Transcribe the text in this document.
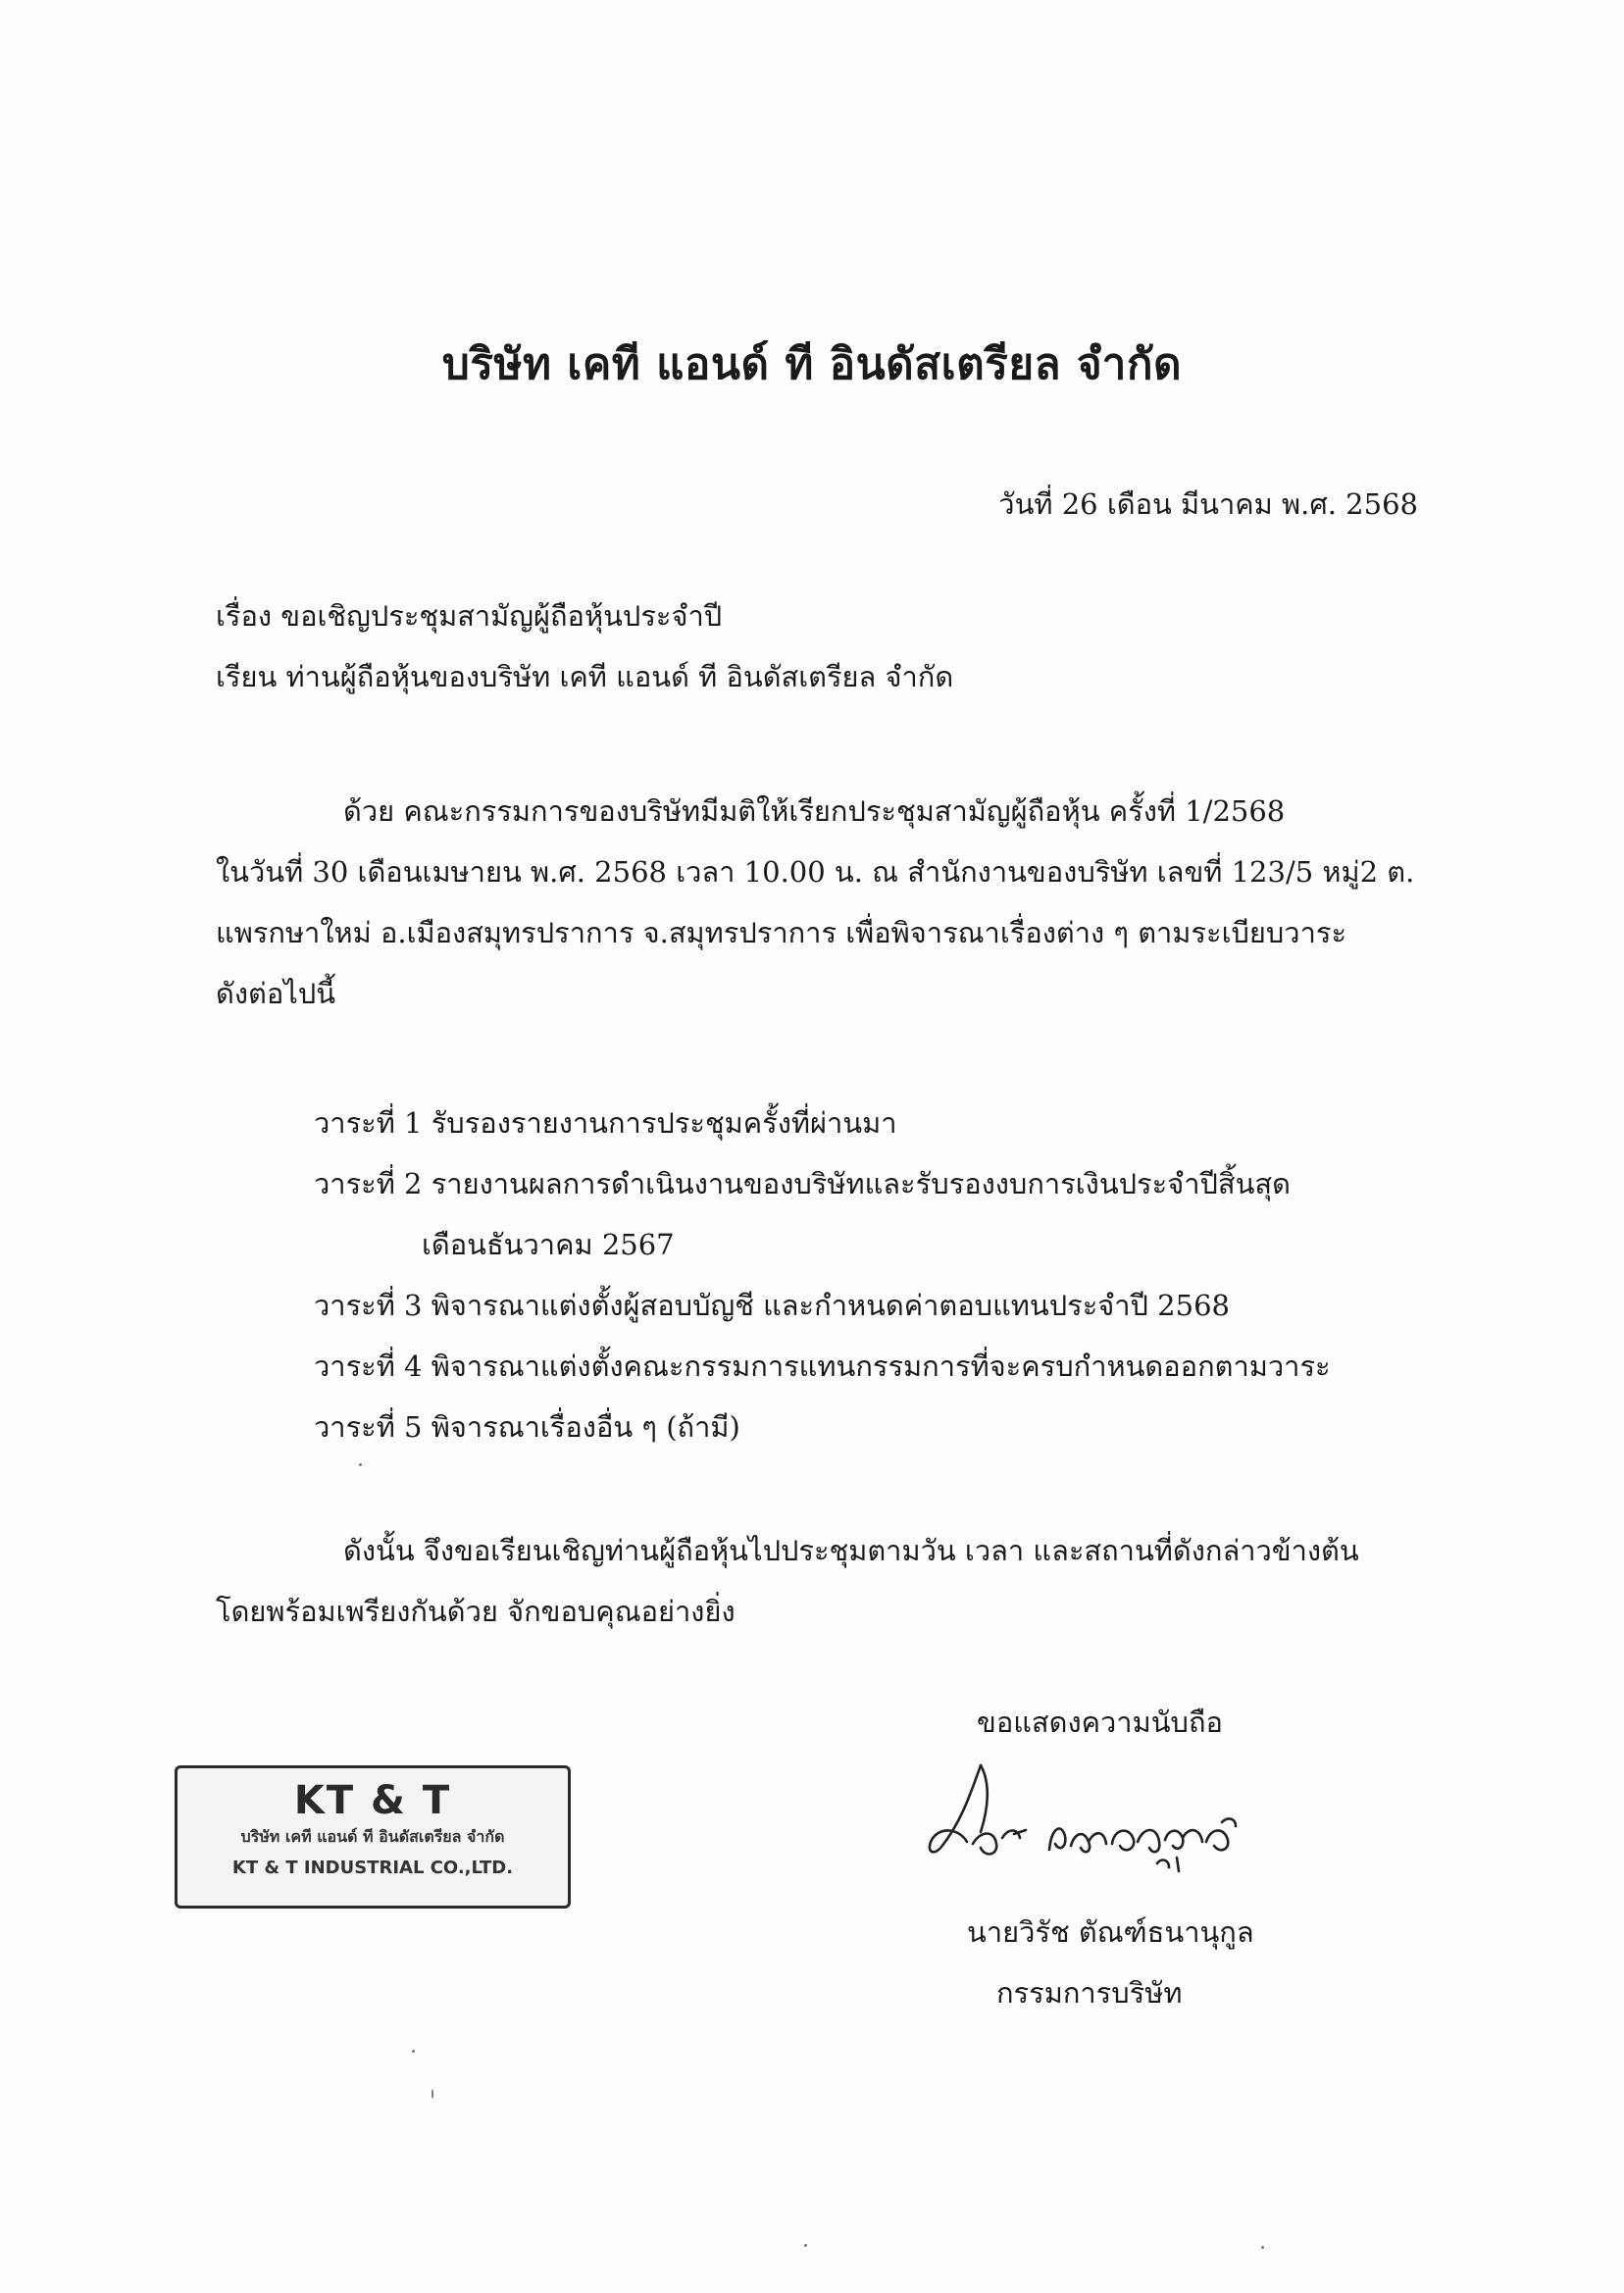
บริษัท เคที แอนด์ ที อินดัสเตรียล จำกัด
วันที่ 26 เดือน มีนาคม พ.ศ. 2568
เรื่อง ขอเชิญประชุมสามัญผู้ถือหุ้นประจำปี
เรียน ท่านผู้ถือหุ้นของบริษัท เคที แอนด์ ที อินดัสเตรียล จำกัด
ด้วย คณะกรรมการของบริษัทมีมติให้เรียกประชุมสามัญผู้ถือหุ้น ครั้งที่ 1/2568
ในวันที่ 30 เดือนเมษายน พ.ศ. 2568 เวลา 10.00 น. ณ สำนักงานของบริษัท เลขที่ 123/5 หมู่2 ต.
แพรกษาใหม่ อ.เมืองสมุทรปราการ จ.สมุทรปราการ เพื่อพิจารณาเรื่องต่าง ๆ ตามระเบียบวาระ
ดังต่อไปนี้
วาระที่ 1 รับรองรายงานการประชุมครั้งที่ผ่านมา
วาระที่ 2 รายงานผลการดำเนินงานของบริษัทและรับรองงบการเงินประจำปีสิ้นสุด
เดือนธันวาคม 2567
วาระที่ 3 พิจารณาแต่งตั้งผู้สอบบัญชี และกำหนดค่าตอบแทนประจำปี 2568
วาระที่ 4 พิจารณาแต่งตั้งคณะกรรมการแทนกรรมการที่จะครบกำหนดออกตามวาระ
วาระที่ 5 พิจารณาเรื่องอื่น ๆ (ถ้ามี)
ดังนั้น จึงขอเรียนเชิญท่านผู้ถือหุ้นไปประชุมตามวัน เวลา และสถานที่ดังกล่าวข้างต้น
โดยพร้อมเพรียงกันด้วย จักขอบคุณอย่างยิ่ง
ขอแสดงความนับถือ
KT & T
บริษัท เคที แอนด์ ที อินดัสเตรียล จำกัด
KT & T INDUSTRIAL CO.,LTD.
นายวิรัช ตัณฑ์ธนานุกูล
กรรมการบริษัท
